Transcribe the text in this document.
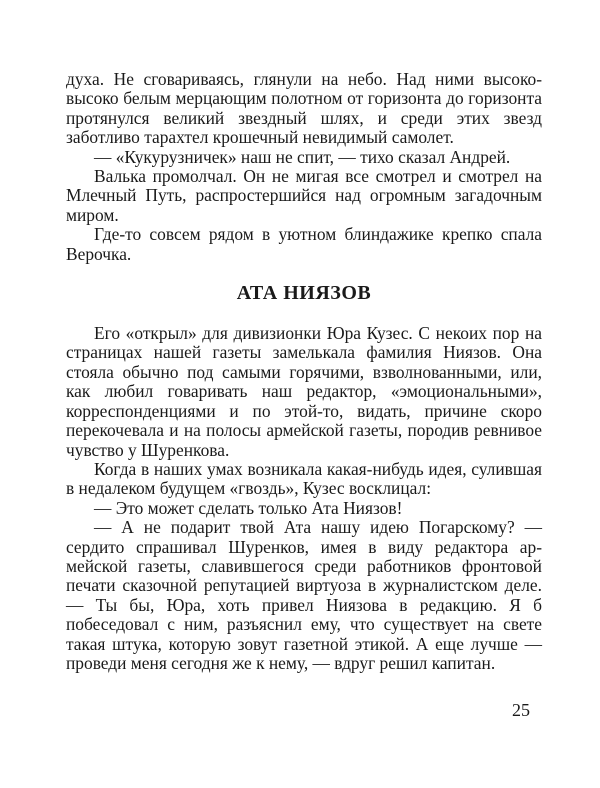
духа. Не сговариваясь, глянули на небо. Над ними высоко-высоко белым мерцающим полотном от горизонта до горизонта протянулся великий звездный шлях, и среди этих звезд заботливо тарахтел крошечный невидимый самолет.

— «Кукурузничек» наш не спит, — тихо сказал Андрей.

Валька промолчал. Он не мигая все смотрел и смотрел на Млечный Путь, распростершийся над огромным загадочным миром.

Где-то совсем рядом в уютном блиндажике крепко спала Верочка.

АТА НИЯЗОВ

Его «открыл» для дивизионки Юра Кузес. С некоих пор на страницах нашей газеты замелькала фамилия Ниязов. Она стояла обычно под самыми горячими, взволнованными, или, как любил говаривать наш редактор, «эмоциональными», корреспонденциями и по этой-то, видать, причине скоро перекочевала и на полосы армейской газеты, породив ревнивое чувство у Шуренкова.

Когда в наших умах возникала какая-нибудь идея, сулившая в недалеком будущем «гвоздь», Кузес восклицал:

— Это может сделать только Ата Ниязов!

— А не подарит твой Ата нашу идею Погарскому? — сердито спрашивал Шуренков, имея в виду редактора армейской газеты, славившегося среди работников фронтовой печати сказочной репутацией виртуоза в журналистском деле. — Ты бы, Юра, хоть привел Ниязова в редакцию. Я б побеседовал с ним, разъяснил ему, что существует на свете такая штука, которую зовут газетной этикой. А еще лучше — проведи меня сегодня же к нему, — вдруг решил капитан.

25
